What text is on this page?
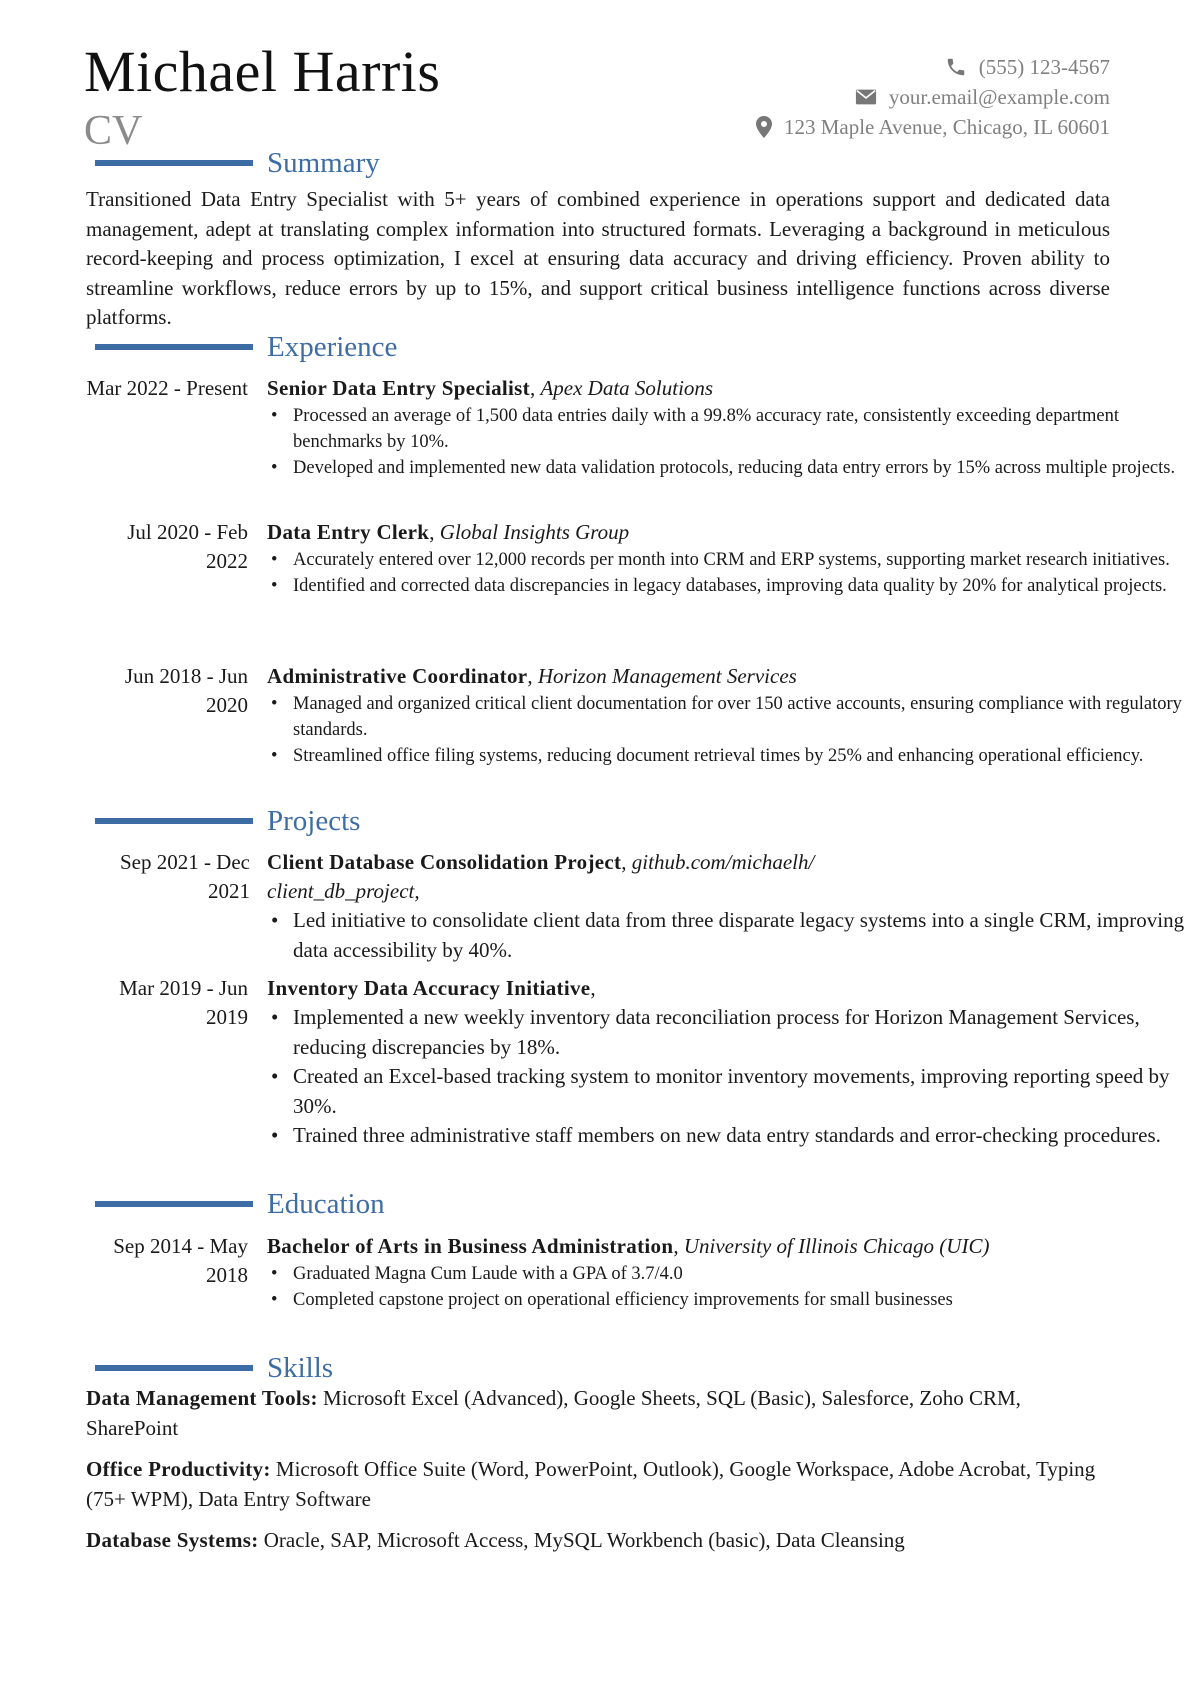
Michael Harris
CV
(555) 123-4567
your.email@example.com
123 Maple Avenue, Chicago, IL 60601
Summary
Transitioned Data Entry Specialist with 5+ years of combined experience in operations support and dedicated data management, adept at translating complex information into structured formats. Leveraging a background in meticulous record-keeping and process optimization, I excel at ensuring data accuracy and driving efficiency. Proven ability to streamline workflows, reduce errors by up to 15%, and support critical business intelligence functions across diverse platforms.
Experience
Mar 2022 - Present Senior Data Entry Specialist, Apex Data Solutions
• Processed an average of 1,500 data entries daily with a 99.8% accuracy rate, consistently exceeding department benchmarks by 10%.
• Developed and implemented new data validation protocols, reducing data entry errors by 15% across multiple projects.
Jul 2020 - Feb 2022
Data Entry Clerk, Global Insights Group
• Accurately entered over 12,000 records per month into CRM and ERP systems, supporting market research initiatives.
• Identified and corrected data discrepancies in legacy databases, improving data quality by 20% for analytical projects.
Jun 2018 - Jun 2020
Administrative Coordinator, Horizon Management Services
• Managed and organized critical client documentation for over 150 active accounts, ensuring compliance with regulatory standards.
• Streamlined office filing systems, reducing document retrieval times by 25% and enhancing operational efficiency.
Projects
Sep 2021 - Dec 2021
Client Database Consolidation Project, github.com/michaelh/ client_db_project,
• Led initiative to consolidate client data from three disparate legacy systems into a single CRM, improving data accessibility by 40%.
Mar 2019 - Jun 2019
Inventory Data Accuracy Initiative,
• Implemented a new weekly inventory data reconciliation process for Horizon Management Services, reducing discrepancies by 18%.
• Created an Excel-based tracking system to monitor inventory movements, improving reporting speed by 30%.
• Trained three administrative staff members on new data entry standards and error-checking procedures.
Education
Sep 2014 - May 2018
Bachelor of Arts in Business Administration, University of Illinois Chicago (UIC)
• Graduated Magna Cum Laude with a GPA of 3.7/4.0
• Completed capstone project on operational efficiency improvements for small businesses
Skills
Data Management Tools: Microsoft Excel (Advanced), Google Sheets, SQL (Basic), Salesforce, Zoho CRM, SharePoint
Office Productivity: Microsoft Office Suite (Word, PowerPoint, Outlook), Google Workspace, Adobe Acrobat, Typing (75+ WPM), Data Entry Software
Database Systems: Oracle, SAP, Microsoft Access, MySQL Workbench (basic), Data Cleansing
